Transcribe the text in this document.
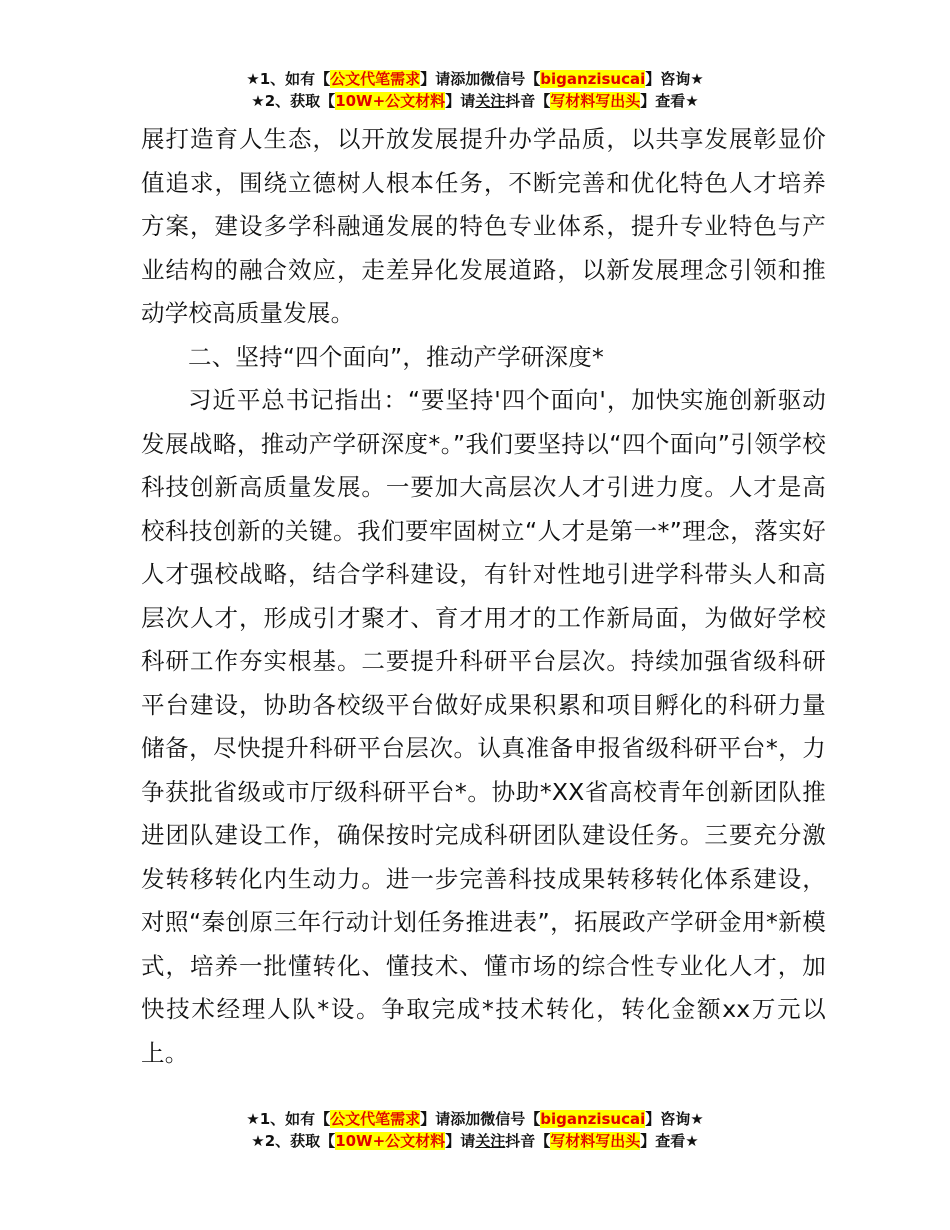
★1、如有【公文代笔需求】请添加微信号【biganzisucai】咨询★
★2、获取【10W+公文材料】请关注抖音【写材料写出头】查看★

展打造育人生态，以开放发展提升办学品质，以共享发展彰显价值追求，围绕立德树人根本任务，不断完善和优化特色人才培养方案，建设多学科融通发展的特色专业体系，提升专业特色与产业结构的融合效应，走差异化发展道路，以新发展理念引领和推动学校高质量发展。

二、坚持“四个面向”，推动产学研深度*

习近平总书记指出：“要坚持'四个面向'，加快实施创新驱动发展战略，推动产学研深度*。”我们要坚持以“四个面向”引领学校科技创新高质量发展。一要加大高层次人才引进力度。人才是高校科技创新的关键。我们要牢固树立“人才是第一*”理念，落实好人才强校战略，结合学科建设，有针对性地引进学科带头人和高层次人才，形成引才聚才、育才用才的工作新局面，为做好学校科研工作夯实根基。二要提升科研平台层次。持续加强省级科研平台建设，协助各校级平台做好成果积累和项目孵化的科研力量储备，尽快提升科研平台层次。认真准备申报省级科研平台*，力争获批省级或市厅级科研平台*。协助*XX省高校青年创新团队推进团队建设工作，确保按时完成科研团队建设任务。三要充分激发转移转化内生动力。进一步完善科技成果转移转化体系建设，对照“秦创原三年行动计划任务推进表”，拓展政产学研金用*新模式，培养一批懂转化、懂技术、懂市场的综合性专业化人才，加快技术经理人队*设。争取完成*技术转化，转化金额xx万元以上。

★1、如有【公文代笔需求】请添加微信号【biganzisucai】咨询★
★2、获取【10W+公文材料】请关注抖音【写材料写出头】查看★
